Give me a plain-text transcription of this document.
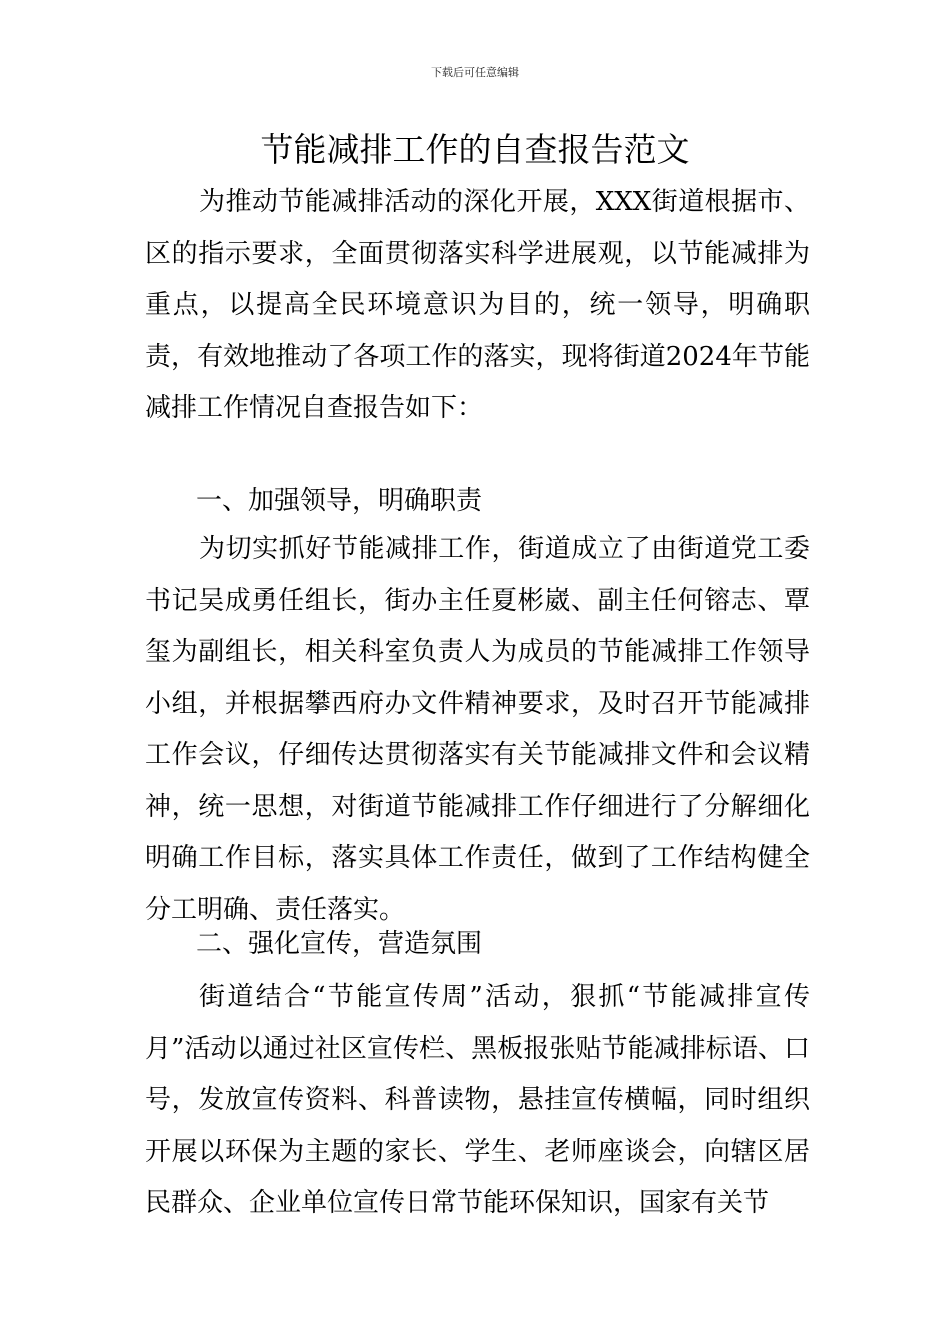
下载后可任意编辑
节能减排工作的自查报告范文

为推动节能减排活动的深化开展，XXX街道根据市、区的指示要求，全面贯彻落实科学进展观，以节能减排为重点，以提高全民环境意识为目的，统一领导，明确职责，有效地推动了各项工作的落实，现将街道2024年节能减排工作情况自查报告如下：

一、加强领导，明确职责

为切实抓好节能减排工作，街道成立了由街道党工委书记吴成勇任组长，街办主任夏彬崴、副主任何镕志、覃玺为副组长，相关科室负责人为成员的节能减排工作领导小组，并根据攀西府办文件精神要求，及时召开节能减排工作会议，仔细传达贯彻落实有关节能减排文件和会议精神，统一思想，对街道节能减排工作仔细进行了分解细化明确工作目标，落实具体工作责任，做到了工作结构健全分工明确、责任落实。

二、强化宣传，营造氛围

街道结合“节能宣传周”活动，狠抓“节能减排宣传月”活动以通过社区宣传栏、黑板报张贴节能减排标语、口号，发放宣传资料、科普读物，悬挂宣传横幅，同时组织开展以环保为主题的家长、学生、老师座谈会，向辖区居民群众、企业单位宣传日常节能环保知识，国家有关节
